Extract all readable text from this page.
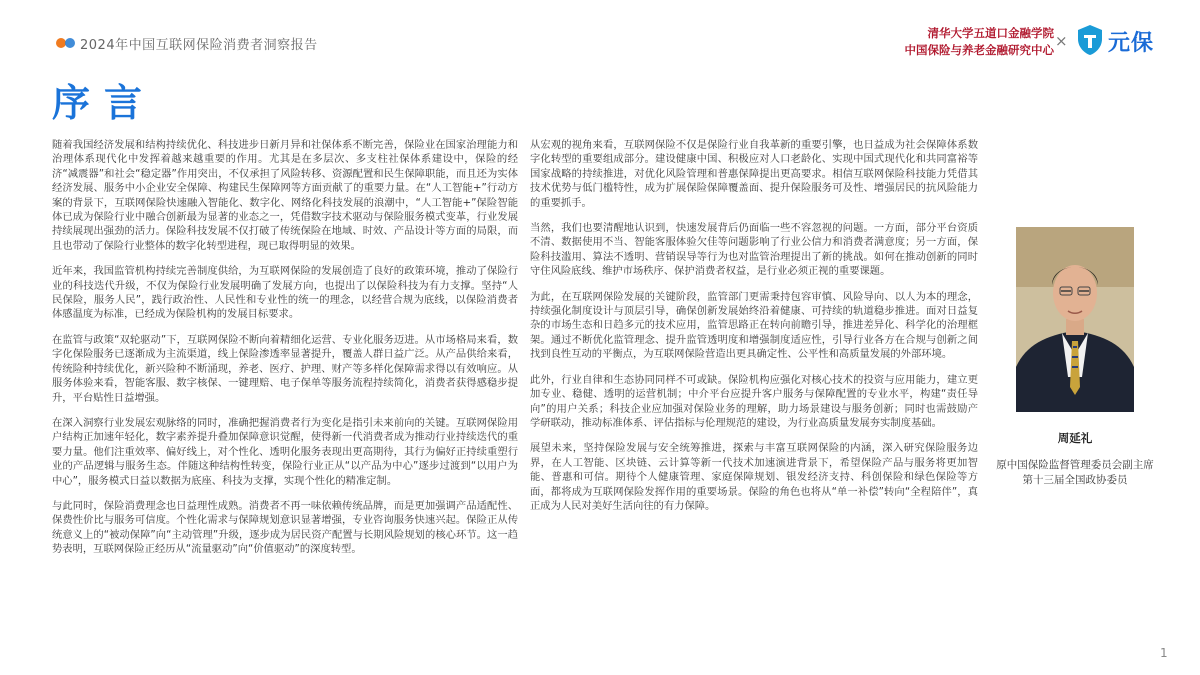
2024年中国互联网保险消费者洞察报告
清华大学五道口金融学院
中国保险与养老金融研究中心 × 元保
序言

随着我国经济发展和结构持续优化、科技进步日新月异和社保体系不断完善，保险业在国家治理能力和治理体系现代化中发挥着越来越重要的作用。尤其是在多层次、多支柱社保体系建设中，保险的经济“减震器”和社会“稳定器”作用突出，不仅承担了风险转移、资源配置和民生保障职能，而且还为实体经济发展、服务中小企业安全保障、构建民生保障网等方面贡献了的重要力量。在“人工智能+”行动方案的背景下，互联网保险快速融入智能化、数字化、网络化科技发展的浪潮中，“人工智能+”保险智能体已成为保险行业中融合创新最为显著的业态之一，凭借数字技术驱动与保险服务模式变革，行业发展持续展现出强劲的活力。保险科技发展不仅打破了传统保险在地域、时效、产品设计等方面的局限，而且也带动了保险行业整体的数字化转型进程，现已取得明显的效果。

近年来，我国监管机构持续完善制度供给，为互联网保险的发展创造了良好的政策环境，推动了保险行业的科技迭代升级，不仅为保险行业发展明确了发展方向，也提出了以保险科技为有力支撑。坚持“人民保险，服务人民”，践行政治性、人民性和专业性的统一的理念，以经营合规为底线，以保险消费者体感温度为标准，已经成为保险机构的发展目标要求。

在监管与政策“双轮驱动”下，互联网保险不断向着精细化运营、专业化服务迈进。从市场格局来看，数字化保险服务已逐渐成为主流渠道，线上保险渗透率显著提升，覆盖人群日益广泛。从产品供给来看，传统险种持续优化，新兴险种不断涌现，养老、医疗、护理、财产等多样化保障需求得以有效响应。从服务体验来看，智能客服、数字核保、一键理赔、电子保单等服务流程持续简化，消费者获得感稳步提升，平台贴性日益增强。

在深入洞察行业发展宏观脉络的同时，准确把握消费者行为变化是指引未来前向的关键。互联网保险用户结构正加速年轻化，数字素养提升叠加保障意识觉醒，使得新一代消费者成为推动行业持续迭代的重要力量。他们注重效率、偏好线上，对个性化、透明化服务表现出更高期待，其行为偏好正持续重塑行业的产品逻辑与服务生态。伴随这种结构性转变，保险行业正从“以产品为中心”逐步过渡到“以用户为中心”，服务模式日益以数据为底座、科技为支撑，实现个性化的精准定制。

与此同时，保险消费理念也日益理性成熟。消费者不再一味依赖传统品牌，而是更加强调产品适配性、保费性价比与服务可信度。个性化需求与保障规划意识显著增强，专业咨询服务快速兴起。保险正从传统意义上的“被动保障”向“主动管理”升级，逐步成为居民资产配置与长期风险规划的核心环节。这一趋势表明，互联网保险正经历从“流量驱动”向“价值驱动”的深度转型。

从宏观的视角来看，互联网保险不仅是保险行业自我革新的重要引擎，也日益成为社会保障体系数字化转型的重要组成部分。建设健康中国、积极应对人口老龄化、实现中国式现代化和共同富裕等国家战略的持续推进，对优化风险管理和普惠保障提出更高要求。相信互联网保险科技能力凭借其技术优势与低门槛特性，成为扩展保险保障覆盖面、提升保险服务可及性、增强居民的抗风险能力的重要抓手。

当然，我们也要清醒地认识到，快速发展背后仍面临一些不容忽视的问题。一方面，部分平台资质不清、数据使用不当、智能客服体验欠佳等问题影响了行业公信力和消费者满意度；另一方面，保险科技滥用、算法不透明、营销误导等行为也对监管治理提出了新的挑战。如何在推动创新的同时守住风险底线、维护市场秩序、保护消费者权益，是行业必须正视的重要课题。

为此，在互联网保险发展的关键阶段，监管部门更需秉持包容审慎、风险导向、以人为本的理念，持续强化制度设计与顶层引导，确保创新发展始终沿着健康、可持续的轨道稳步推进。面对日益复杂的市场生态和日趋多元的技术应用，监管思路正在转向前瞻引导，推进差异化、科学化的治理框架。通过不断优化监管理念、提升监管透明度和增强制度适应性，引导行业各方在合规与创新之间找到良性互动的平衡点，为互联网保险营造出更具确定性、公平性和高质量发展的外部环境。

此外，行业自律和生态协同同样不可或缺。保险机构应强化对核心技术的投资与应用能力，建立更加专业、稳健、透明的运营机制；中介平台应提升客户服务与保障配置的专业水平，构建“责任导向”的用户关系；科技企业应加强对保险业务的理解，助力场景建设与服务创新；同时也需鼓励产学研联动，推动标准体系、评估指标与伦理规范的建设，为行业高质量发展夯实制度基础。

展望未来，坚持保险发展与安全统筹推进，探索与丰富互联网保险的内涵，深入研究保险服务边界，在人工智能、区块链、云计算等新一代技术加速演进背景下，希望保险产品与服务将更加智能、普惠和可信。期待个人健康管理、家庭保障规划、银发经济支持、科创保险和绿色保险等方面，都将成为互联网保险发挥作用的重要场景。保险的角色也将从“单一补偿”转向“全程陪伴”，真正成为人民对美好生活向往的有力保障。

周延礼
原中国保险监督管理委员会副主席
第十三届全国政协委员
1
